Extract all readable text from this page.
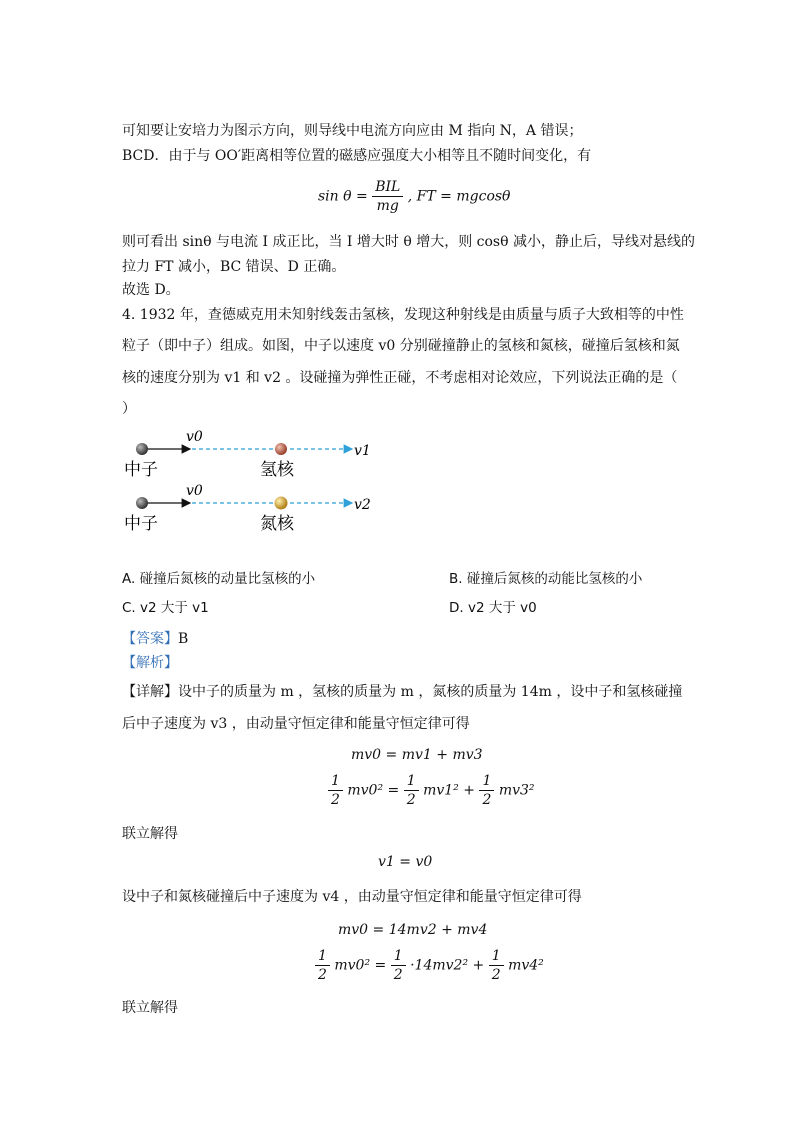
可知要让安培力为图示方向，则导线中电流方向应由 M 指向 N，A 错误；
BCD．由于与 OO′距离相等位置的磁感应强度大小相等且不随时间变化，有
$\sin \theta = \frac{\text{BIL}}{mg}$ , FT = mgcosθ
则可看出 sinθ 与电流 I 成正比，当 I 增大时 θ 增大，则 cosθ 减小，静止后，导线对悬线的
拉力 FT 减小，BC 错误、D 正确。
故选 D。
4. 1932 年，查德威克用未知射线轰击氢核，发现这种射线是由质量与质子大致相等的中性
粒子（即中子）组成。如图，中子以速度 v0 分别碰撞静止的氢核和氮核，碰撞后氢核和氮
核的速度分别为 v1 和 v2 。设碰撞为弹性正碰，不考虑相对论效应，下列说法正确的是（
）
v0
v1
中子	氢核
v0
v2
中子	氮核
A. 碰撞后氮核的动量比氢核的小	B. 碰撞后氮核的动能比氢核的小
C. v2 大于 v1	D. v2 大于 v0
【答案】B
【解析】
【详解】设中子的质量为 m ，氢核的质量为 m ，氮核的质量为 14m ，设中子和氢核碰撞
后中子速度为 v3 ，由动量守恒定律和能量守恒定律可得
mv0 = mv1 + mv3
$\frac{1}{2} mv0^2 = \frac{1}{2} mv1^2 + \frac{1}{2} mv3^2$
联立解得
v1 = v0
设中子和氮核碰撞后中子速度为 v4 ，由动量守恒定律和能量守恒定律可得
mv0 = 14mv2 + mv4
$\frac{1}{2} mv0^2 = \frac{1}{2} \cdot 14mv2^2 + \frac{1}{2} mv4^2$
联立解得
